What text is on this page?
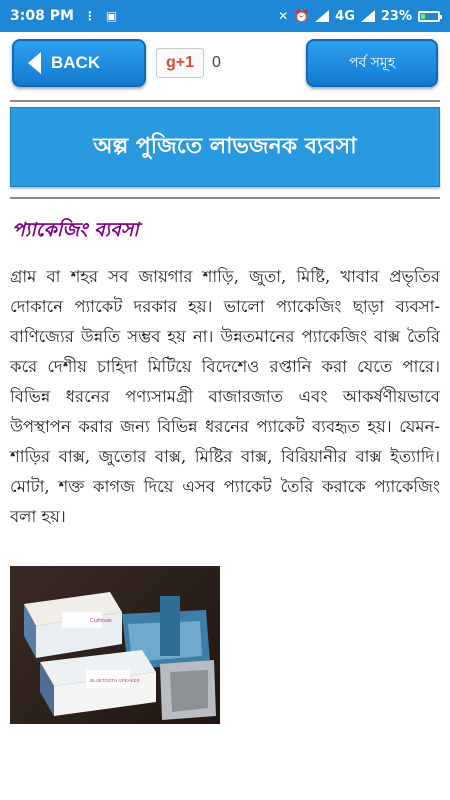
3:08 PM ⋮ ▣	✕ ⏰ 4G 23%
BACK	g+1 0	পর্ব সমূহ
অল্প পুজিতে লাভজনক ব্যবসা
প্যাকেজিং ব্যবসা
গ্রাম বা শহর সব জায়গার শাড়ি, জুতা, মিষ্টি, খাবার প্রভৃতির দোকানে প্যাকেট দরকার হয়। ভালো প্যাকেজিং ছাড়া ব্যবসা-বাণিজ্যের উন্নতি সম্ভব হয় না। উন্নতমানের প্যাকেজিং বাক্স তৈরি করে দেশীয় চাহিদা মিটিয়ে বিদেশেও রপ্তানি করা যেতে পারে। বিভিন্ন ধরনের পণ্যসামগ্রী বাজারজাত এবং আকর্ষণীয়ভাবে উপস্থাপন করার জন্য বিভিন্ন ধরনের প্যাকেট ব্যবহৃত হয়। যেমন-শাড়ির বাক্স, জুতোর বাক্স, মিষ্টির বাক্স, বিরিয়ানীর বাক্স ইত্যাদি। মোটা, শক্ত কাগজ দিয়ে এসব প্যাকেট তৈরি করাকে প্যাকেজিং বলা হয়।
Craftmate
BLUETOOTH SPEAKER
